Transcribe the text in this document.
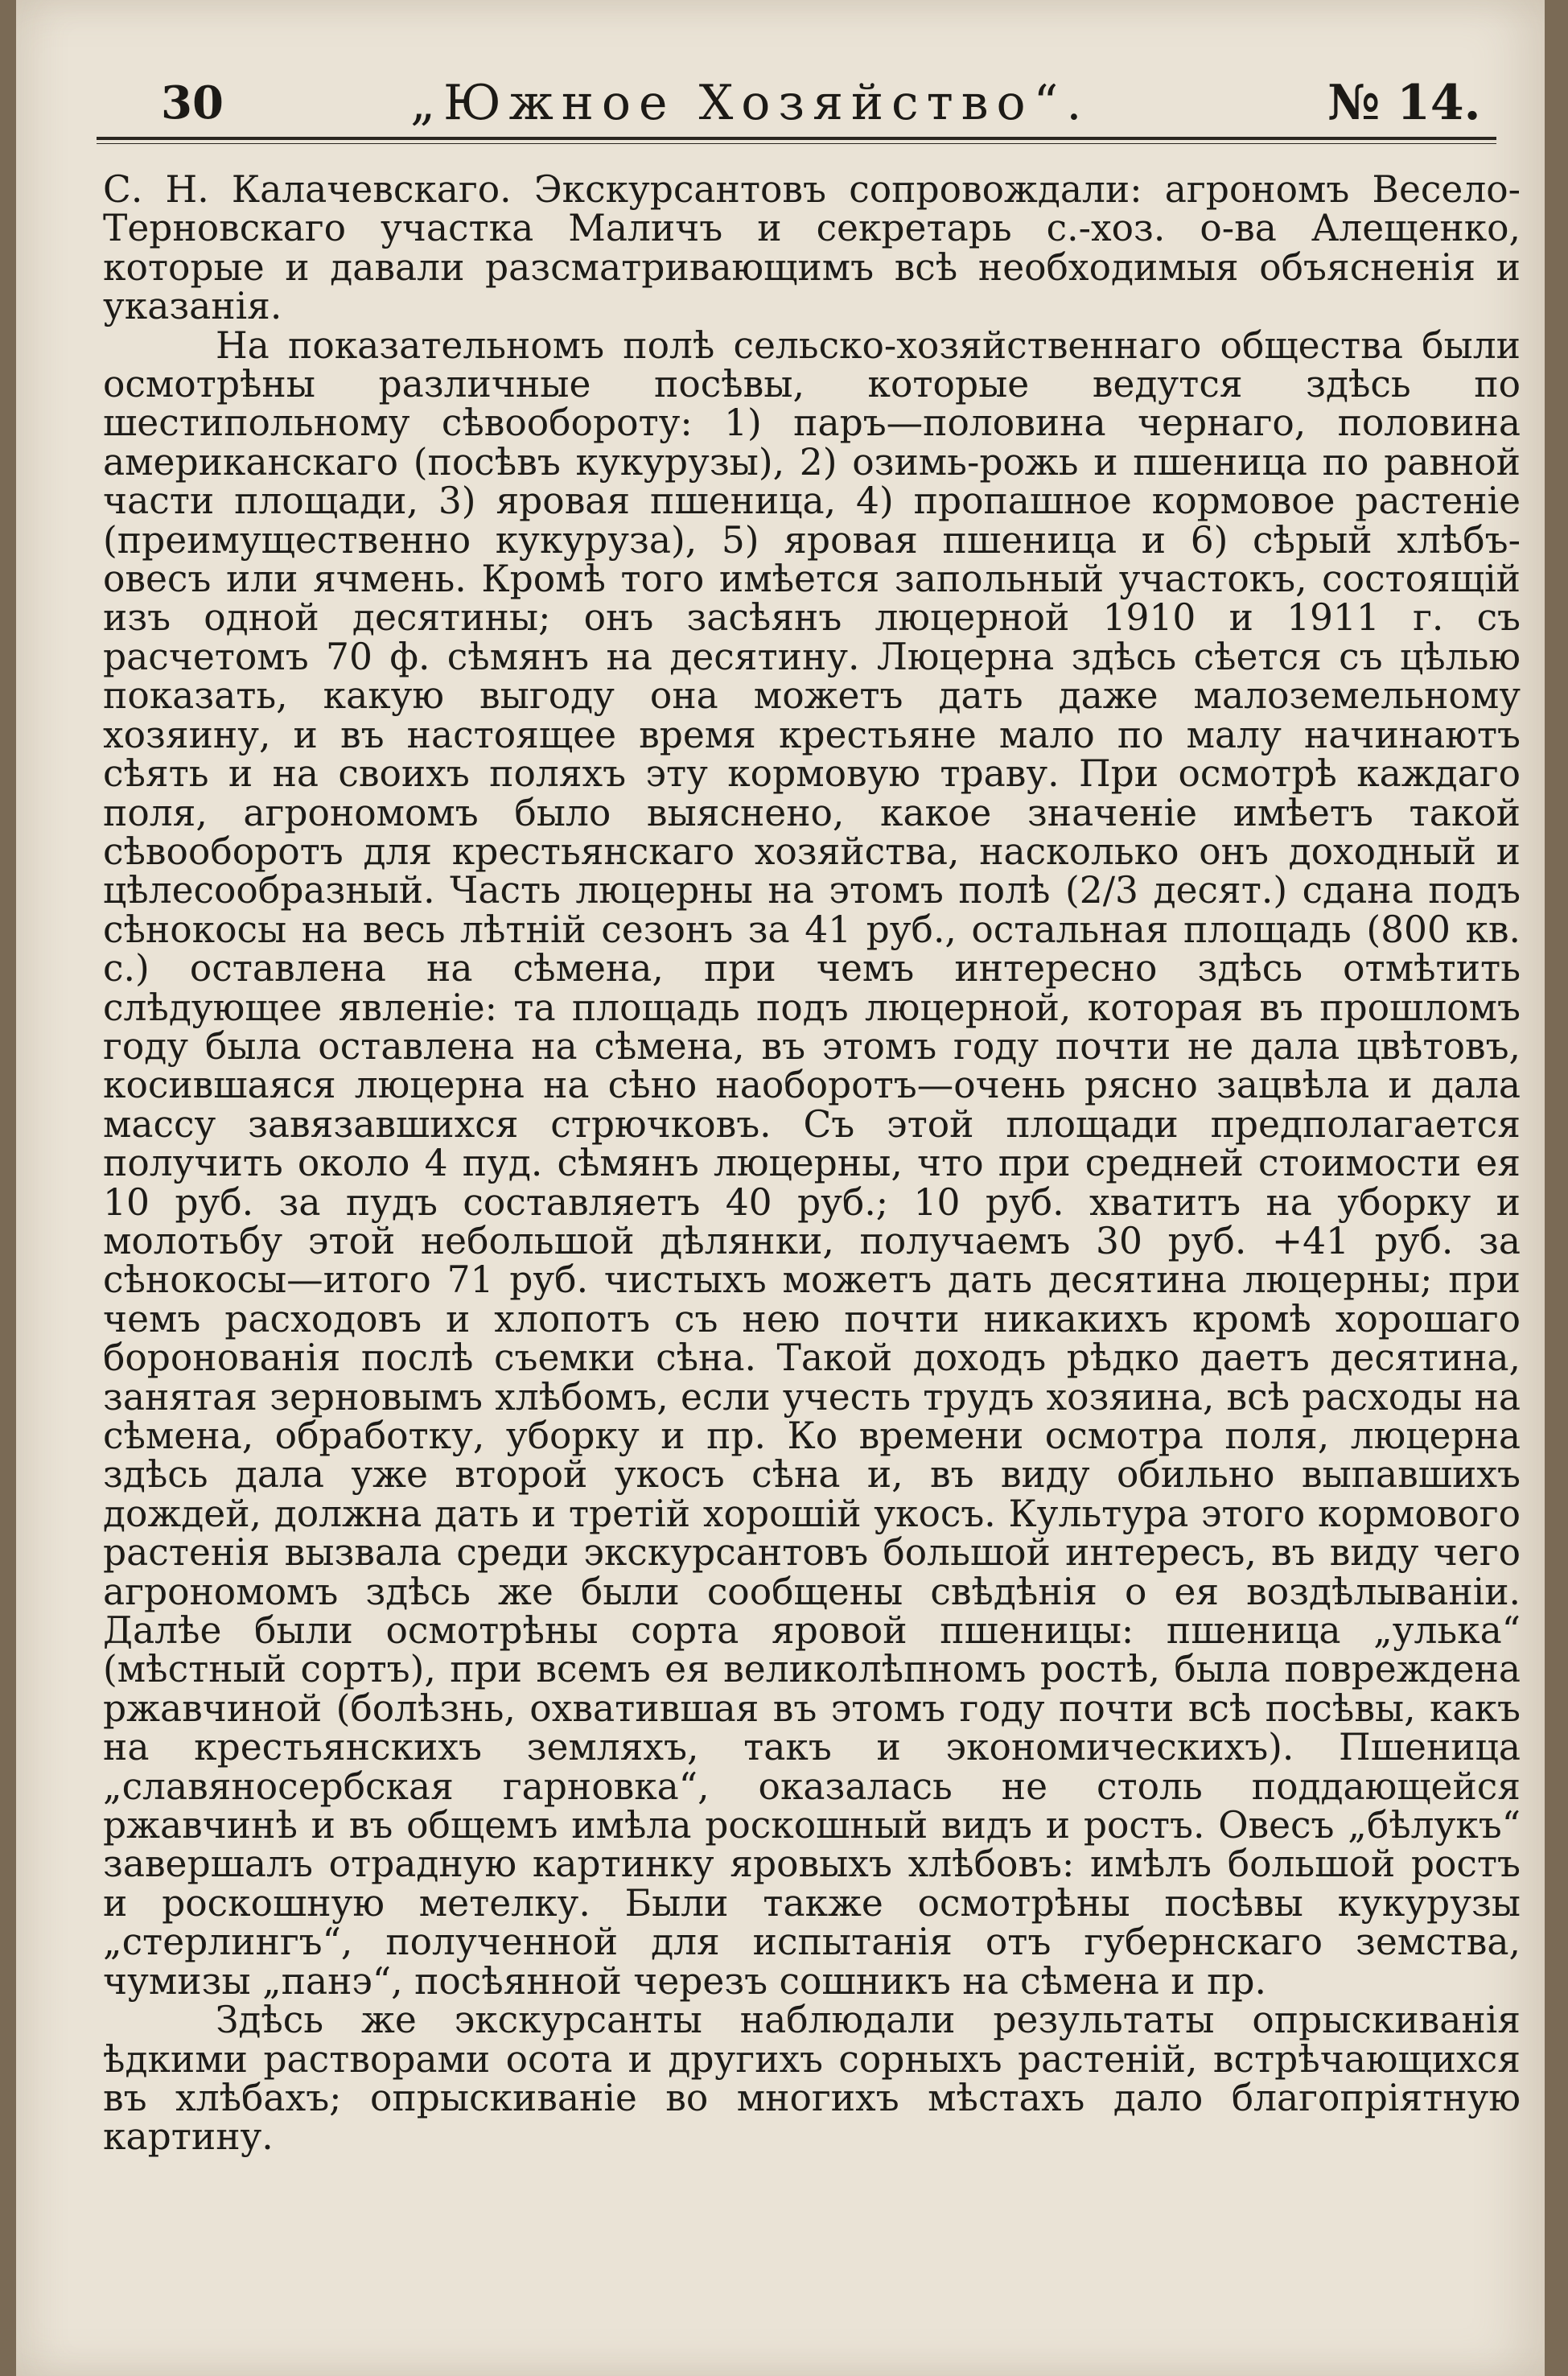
30	„Южное Хозяйство“.	№ 14.

С. Н. Калачевскаго. Экскурсантовъ сопровождали: агрономъ Весело-Терновскаго участка Маличъ и секретарь с.-хоз. о-ва Алещенко, которые и давали разсматривающимъ всѣ необходимыя объясненія и указанія.

На показательномъ полѣ сельско-хозяйственнаго общества были осмотрѣны различные посѣвы, которые ведутся здѣсь по шестипольному сѣвообороту: 1) паръ—половина чернаго, половина американскаго (посѣвъ кукурузы), 2) озимь-рожь и пшеница по равной части площади, 3) яровая пшеница, 4) пропашное кормовое растеніе (преимущественно кукуруза), 5) яровая пшеница и 6) сѣрый хлѣбъ-овесъ или ячмень. Кромѣ того имѣется запольный участокъ, состоящій изъ одной десятины; онъ засѣянъ люцерной 1910 и 1911 г. съ расчетомъ 70 ф. сѣмянъ на десятину. Люцерна здѣсь сѣется съ цѣлью показать, какую выгоду она можетъ дать даже малоземельному хозяину, и въ настоящее время крестьяне мало по малу начинаютъ сѣять и на своихъ поляхъ эту кормовую траву. При осмотрѣ каждаго поля, агрономомъ было выяснено, какое значеніе имѣетъ такой сѣвооборотъ для крестьянскаго хозяйства, насколько онъ доходный и цѣлесообразный. Часть люцерны на этомъ полѣ (2/3 десят.) сдана подъ сѣнокосы на весь лѣтній сезонъ за 41 руб., остальная площадь (800 кв. с.) оставлена на сѣмена, при чемъ интересно здѣсь отмѣтить слѣдующее явленіе: та площадь подъ люцерной, которая въ прошломъ году была оставлена на сѣмена, въ этомъ году почти не дала цвѣтовъ, косившаяся люцерна на сѣно наоборотъ—очень рясно зацвѣла и дала массу завязавшихся стрючковъ. Съ этой площади предполагается получить около 4 пуд. сѣмянъ люцерны, что при средней стоимости ея 10 руб. за пудъ составляетъ 40 руб.; 10 руб. хватитъ на уборку и молотьбу этой небольшой дѣлянки, получаемъ 30 руб. +41 руб. за сѣнокосы—итого 71 руб. чистыхъ можетъ дать десятина люцерны; при чемъ расходовъ и хлопотъ съ нею почти никакихъ кромѣ хорошаго боронованія послѣ съемки сѣна. Такой доходъ рѣдко даетъ десятина, занятая зерновымъ хлѣбомъ, если учесть трудъ хозяина, всѣ расходы на сѣмена, обработку, уборку и пр. Ко времени осмотра поля, люцерна здѣсь дала уже второй укосъ сѣна и, въ виду обильно выпавшихъ дождей, должна дать и третій хорошій укосъ. Культура этого кормового растенія вызвала среди экскурсантовъ большой интересъ, въ виду чего агрономомъ здѣсь же были сообщены свѣдѣнія о ея воздѣлываніи. Далѣе были осмотрѣны сорта яровой пшеницы: пшеница „улька“ (мѣстный сортъ), при всемъ ея великолѣпномъ ростѣ, была повреждена ржавчиной (болѣзнь, охватившая въ этомъ году почти всѣ посѣвы, какъ на крестьянскихъ земляхъ, такъ и экономическихъ). Пшеница „славяносербская гарновка“, оказалась не столь поддающейся ржавчинѣ и въ общемъ имѣла роскошный видъ и ростъ. Овесъ „бѣлукъ“ завершалъ отрадную картинку яровыхъ хлѣбовъ: имѣлъ большой ростъ и роскошную метелку. Были также осмотрѣны посѣвы кукурузы „стерлингъ“, полученной для испытанія отъ губернскаго земства, чумизы „панэ“, посѣянной черезъ сошникъ на сѣмена и пр.

Здѣсь же экскурсанты наблюдали результаты опрыскиванія ѣдкими растворами осота и другихъ сорныхъ растеній, встрѣчающихся въ хлѣбахъ; опрыскиваніе во многихъ мѣстахъ дало благопріятную картину.
